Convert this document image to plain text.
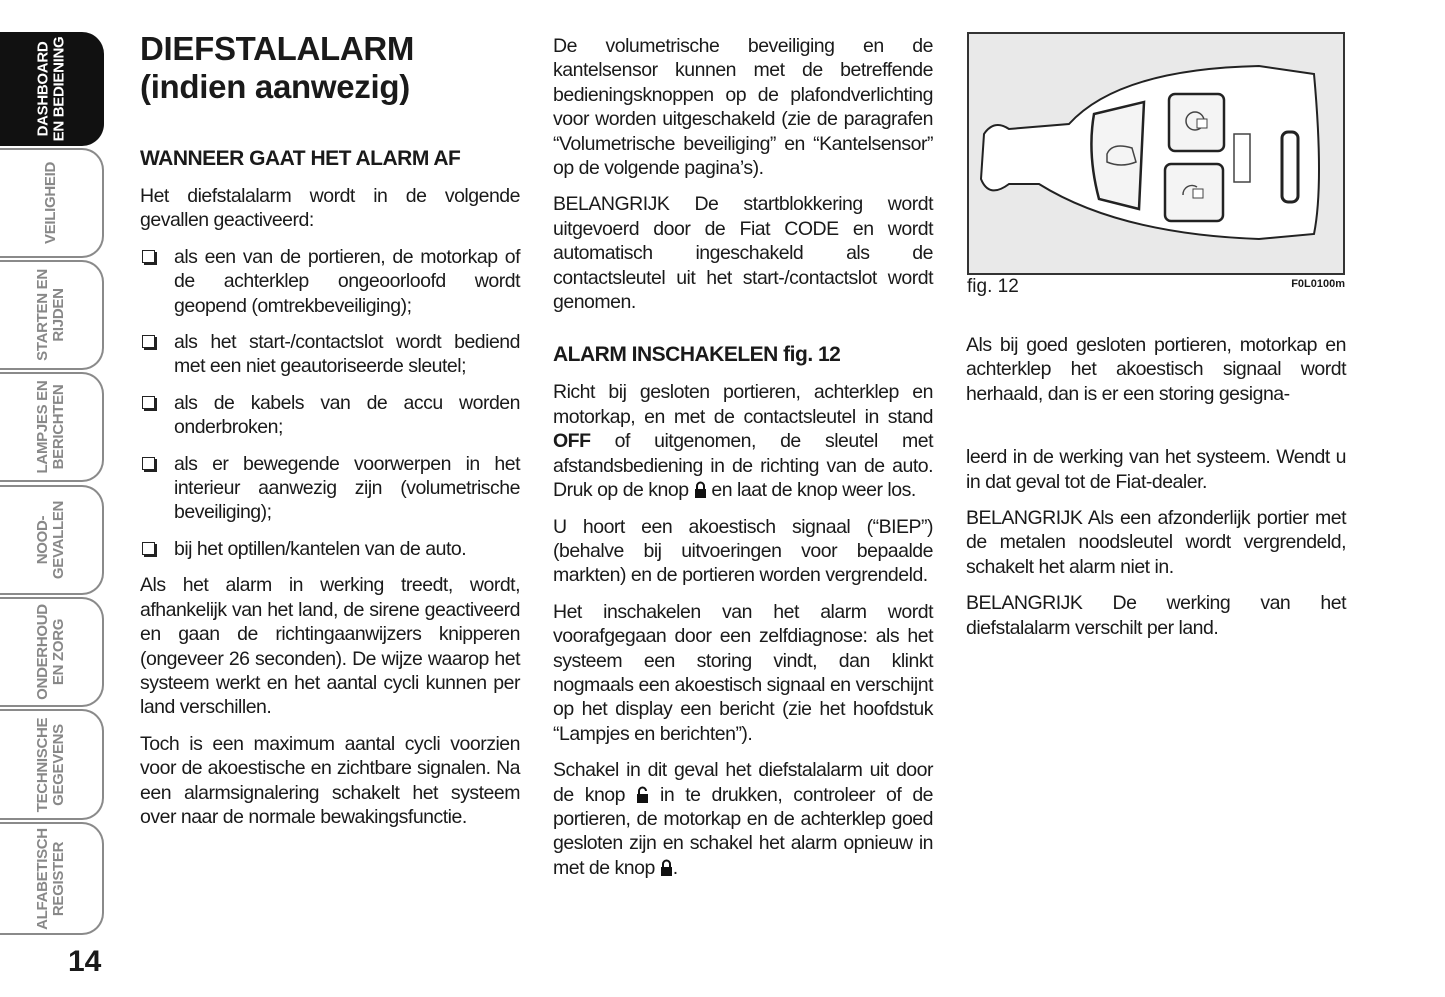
DASHBOARD
EN BEDIENING
VEILIGHEID
STARTEN EN
RIJDEN
LAMPJES EN
BERICHTEN
NOOD-
GEVALLEN
ONDERHOUD
EN ZORG
TECHNISCHE
GEGEVENS
ALFABETISCH
REGISTER
14
DIEFSTALALARM
(indien aanwezig)
WANNEER GAAT HET ALARM AF

Het diefstalalarm wordt in de volgende gevallen geactiveerd:

als een van de portieren, de motorkap of de achterklep ongeoorloofd wordt geopend (omtrekbeveiliging);
als het start-/contactslot wordt bediend met een niet geautoriseerde sleutel;
als de kabels van de accu worden onderbroken;
als er bewegende voorwerpen in het interieur aanwezig zijn (volumetrische beveiliging);
bij het optillen/kantelen van de auto.

Als het alarm in werking treedt, wordt, afhankelijk van het land, de sirene geactiveerd en gaan de richtingaanwijzers knipperen (ongeveer 26 seconden). De wijze waarop het systeem werkt en het aantal cycli kunnen per land verschillen.

Toch is een maximum aantal cycli voorzien voor de akoestische en zichtbare signalen. Na een alarmsignalering schakelt het systeem over naar de normale bewakingsfunctie.

De volumetrische beveiliging en de kantelsensor kunnen met de betreffende bedieningsknoppen op de plafondverlichting voor worden uitgeschakeld (zie de paragrafen “Volumetrische beveiliging” en “Kantelsensor” op de volgende pagina’s).

BELANGRIJK De startblokkering wordt uitgevoerd door de Fiat CODE en wordt automatisch ingeschakeld als de contactsleutel uit het start-/contactslot wordt genomen.

ALARM INSCHAKELEN fig. 12

Richt bij gesloten portieren, achterklep en motorkap, en met de contactsleutel in stand OFF of uitgenomen, de sleutel met afstandsbediening in de richting van de auto. Druk op de knop  en laat de knop weer los.

U hoort een akoestisch signaal (“BIEP”) (behalve bij uitvoeringen voor bepaalde markten) en de portieren worden vergrendeld.

Het inschakelen van het alarm wordt voorafgegaan door een zelfdiagnose: als het systeem een storing vindt, dan klinkt nogmaals een akoestisch signaal en verschijnt op het display een bericht (zie het hoofdstuk “Lampjes en berichten”).

Schakel in dit geval het diefstalalarm uit door de knop  in te drukken, controleer of de portieren, de motorkap en de achterklep goed gesloten zijn en schakel het alarm opnieuw in met de knop .

fig. 12	F0L0100m

Als bij goed gesloten portieren, motorkap en achterklep het akoestisch signaal wordt herhaald, dan is er een storing gesigna-

leerd in de werking van het systeem. Wendt u in dat geval tot de Fiat-dealer.

BELANGRIJK Als een afzonderlijk portier met de metalen noodsleutel wordt vergrendeld, schakelt het alarm niet in.

BELANGRIJK De werking van het diefstalalarm verschilt per land.
